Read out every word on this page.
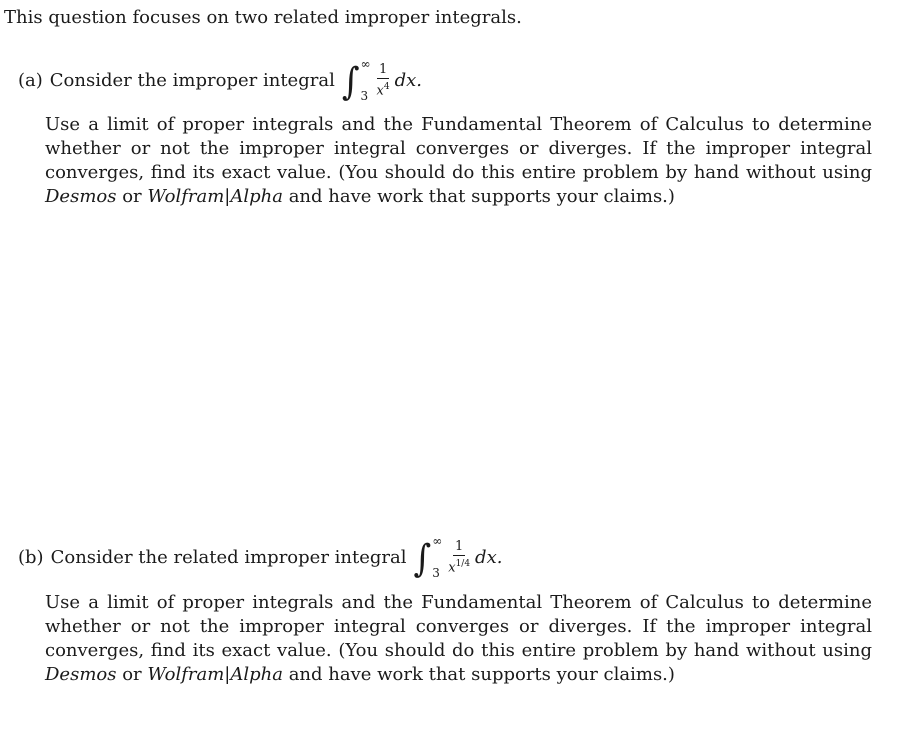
This question focuses on two related improper integrals.
(a) Consider the improper integral ∫ ∞
$3 \frac{1}{x^4}$ dx.

Use a limit of proper integrals and the Fundamental Theorem of Calculus to determine whether or not the improper integral converges or diverges. If the improper integral converges, find its exact value. (You should do this entire problem by hand without using Desmos or Wolfram|Alpha and have work that supports your claims.)

(b) Consider the related improper integral ∫ ∞
$3 \frac{1}{x^{1/4}}$ dx.

Use a limit of proper integrals and the Fundamental Theorem of Calculus to determine whether or not the improper integral converges or diverges. If the improper integral converges, find its exact value. (You should do this entire problem by hand without using Desmos or Wolfram|Alpha and have work that supports your claims.)
